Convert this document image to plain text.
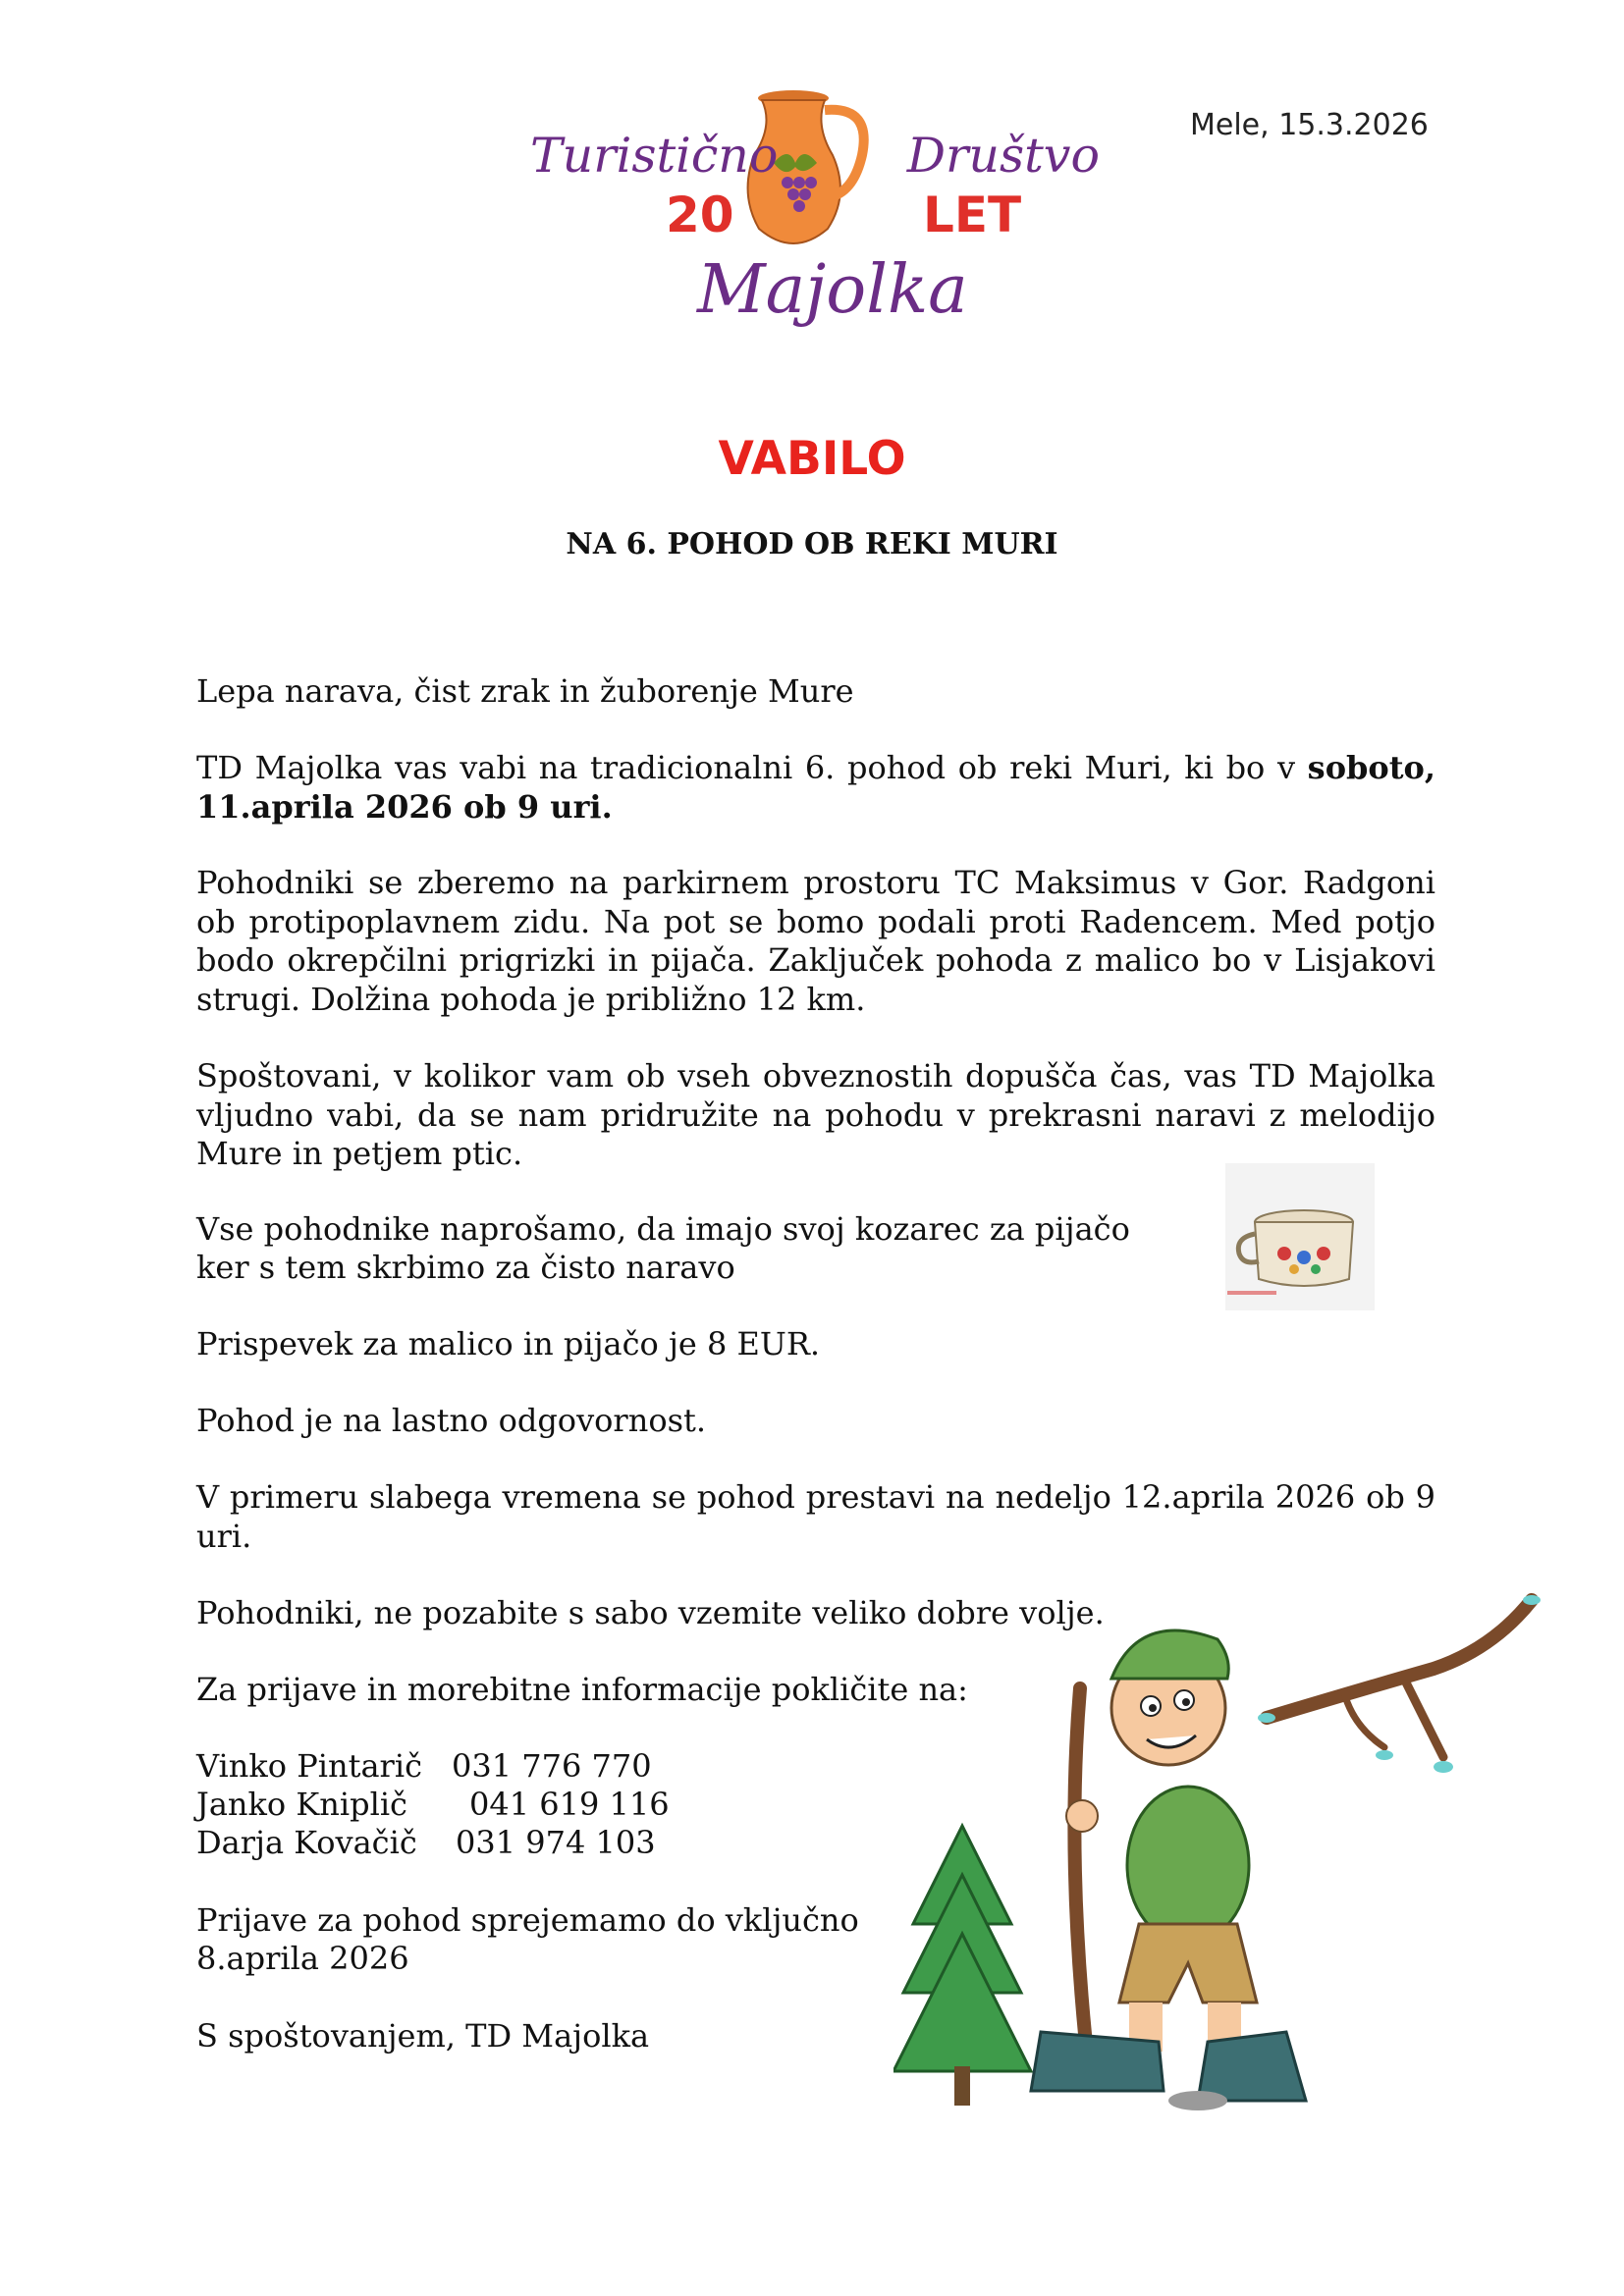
Turistično	Društvo
20	LET
Majolka
Mele, 15.3.2026
VABILO
NA 6. POHOD OB REKI MURI
Lepa narava, čist zrak in žuborenje Mure
TD Majolka vas vabi na tradicionalni 6. pohod ob reki Muri, ki bo v soboto, 11.aprila 2026 ob 9 uri.
Pohodniki se zberemo na parkirnem prostoru TC Maksimus v Gor. Radgoni ob protipoplavnem zidu. Na pot se bomo podali proti Radencem. Med potjo bodo okrepčilni prigrizki in pijača. Zaključek pohoda z malico bo v Lisjakovi strugi. Dolžina pohoda je približno 12 km.
Spoštovani, v kolikor vam ob vseh obveznostih dopušča čas, vas TD Majolka vljudno vabi, da se nam pridružite na pohodu v prekrasni naravi z melodijo Mure in petjem ptic.
Vse pohodnike naprošamo, da imajo svoj kozarec za pijačo
ker s tem skrbimo za čisto naravo
Prispevek za malico in pijačo je 8 EUR.
Pohod je na lastno odgovornost.
V primeru slabega vremena se pohod prestavi na nedeljo 12.aprila 2026 ob 9 uri.
Pohodniki, ne pozabite s sabo vzemite veliko dobre volje.
Za prijave in morebitne informacije pokličite na:
Vinko Pintarič 031 776 770
Janko Kniplič 041 619 116
Darja Kovačič 031 974 103
Prijave za pohod sprejemamo do vključno
8.aprila 2026
S spoštovanjem, TD Majolka
